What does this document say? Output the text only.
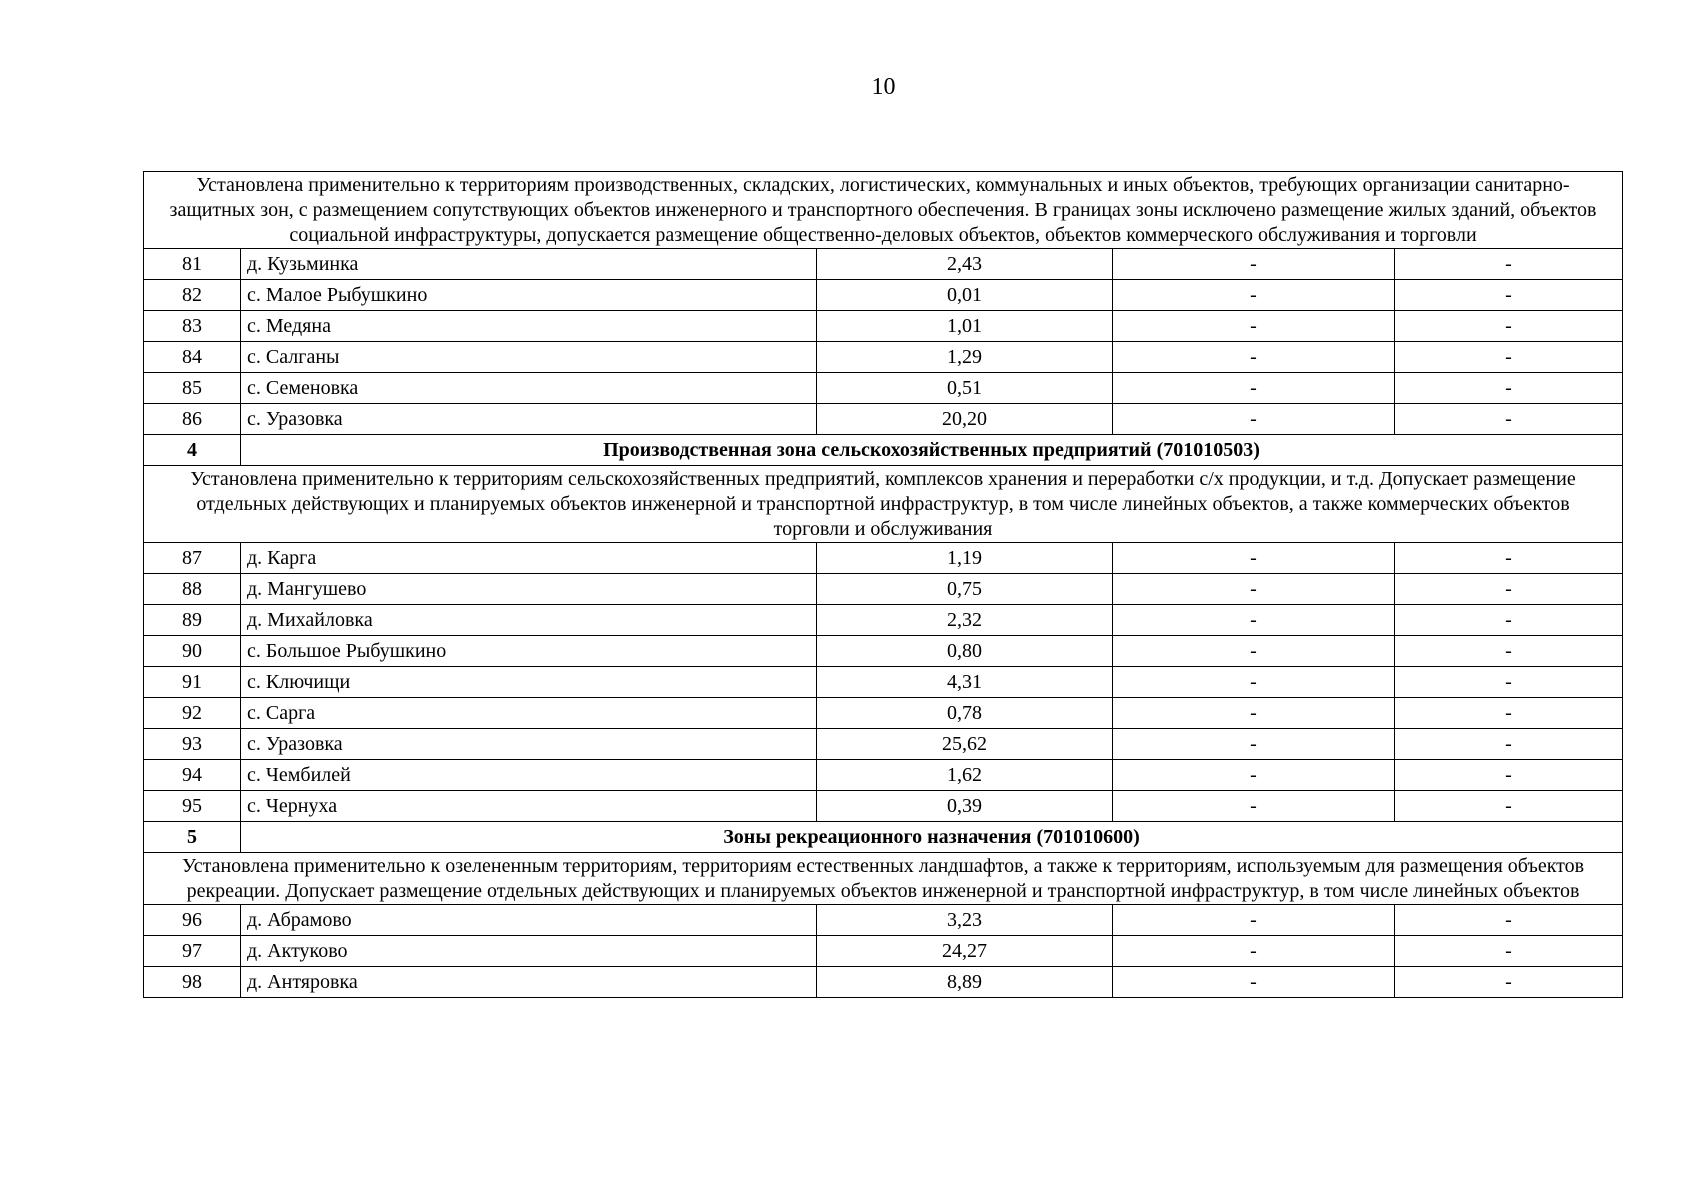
10
Установлена применительно к территориям производственных, складских, логистических, коммунальных и иных объектов, требующих организации санитарно-защитных зон, с размещением сопутствующих объектов инженерного и транспортного обеспечения. В границах зоны исключено размещение жилых зданий, объектов социальной инфраструктуры, допускается размещение общественно-деловых объектов, объектов коммерческого обслуживания и торговли				
81	д. Кузьминка	2,43	-	-
82	с. Малое Рыбушкино	0,01	-	-
83	с. Медяна	1,01	-	-
84	с. Салганы	1,29	-	-
85	с. Семеновка	0,51	-	-
86	с. Уразовка	20,20	-	-
4	Производственная зона сельскохозяйственных предприятий (701010503)			
Установлена применительно к территориям сельскохозяйственных предприятий, комплексов хранения и переработки с/х продукции, и т.д. Допускает размещение отдельных действующих и планируемых объектов инженерной и транспортной инфраструктур, в том числе линейных объектов, а также коммерческих объектов торговли и обслуживания				
87	д. Карга	1,19	-	-
88	д. Мангушево	0,75	-	-
89	д. Михайловка	2,32	-	-
90	с. Большое Рыбушкино	0,80	-	-
91	с. Ключищи	4,31	-	-
92	с. Сарга	0,78	-	-
93	с. Уразовка	25,62	-	-
94	с. Чембилей	1,62	-	-
95	с. Чернуха	0,39	-	-
5	Зоны рекреационного назначения (701010600)			
Установлена применительно к озелененным территориям, территориям естественных ландшафтов, а также к территориям, используемым для размещения объектов рекреации. Допускает размещение отдельных действующих и планируемых объектов инженерной и транспортной инфраструктур, в том числе линейных объектов				
96	д. Абрамово	3,23	-	-
97	д. Актуково	24,27	-	-
98	д. Антяровка	8,89	-	-
